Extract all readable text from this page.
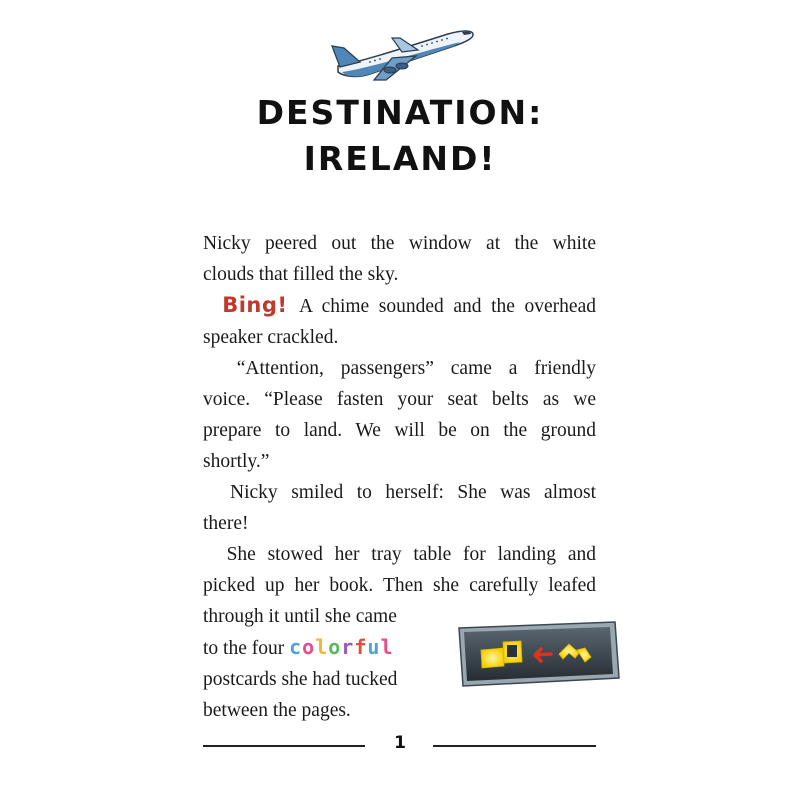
DESTINATION:
IRELAND!

Nicky peered out the window at the white
clouds that filled the sky.

Bing! A chime sounded and the overhead
speaker crackled.

“Attention, passengers” came a friendly
voice. “Please fasten your seat belts as we
prepare to land. We will be on the ground
shortly.”

Nicky smiled to herself: She was almost
there!

She stowed her tray table for landing and
picked up her book. Then she carefully leafed
through it until she came
to the four colorful
postcards she had tucked
between the pages.

1
